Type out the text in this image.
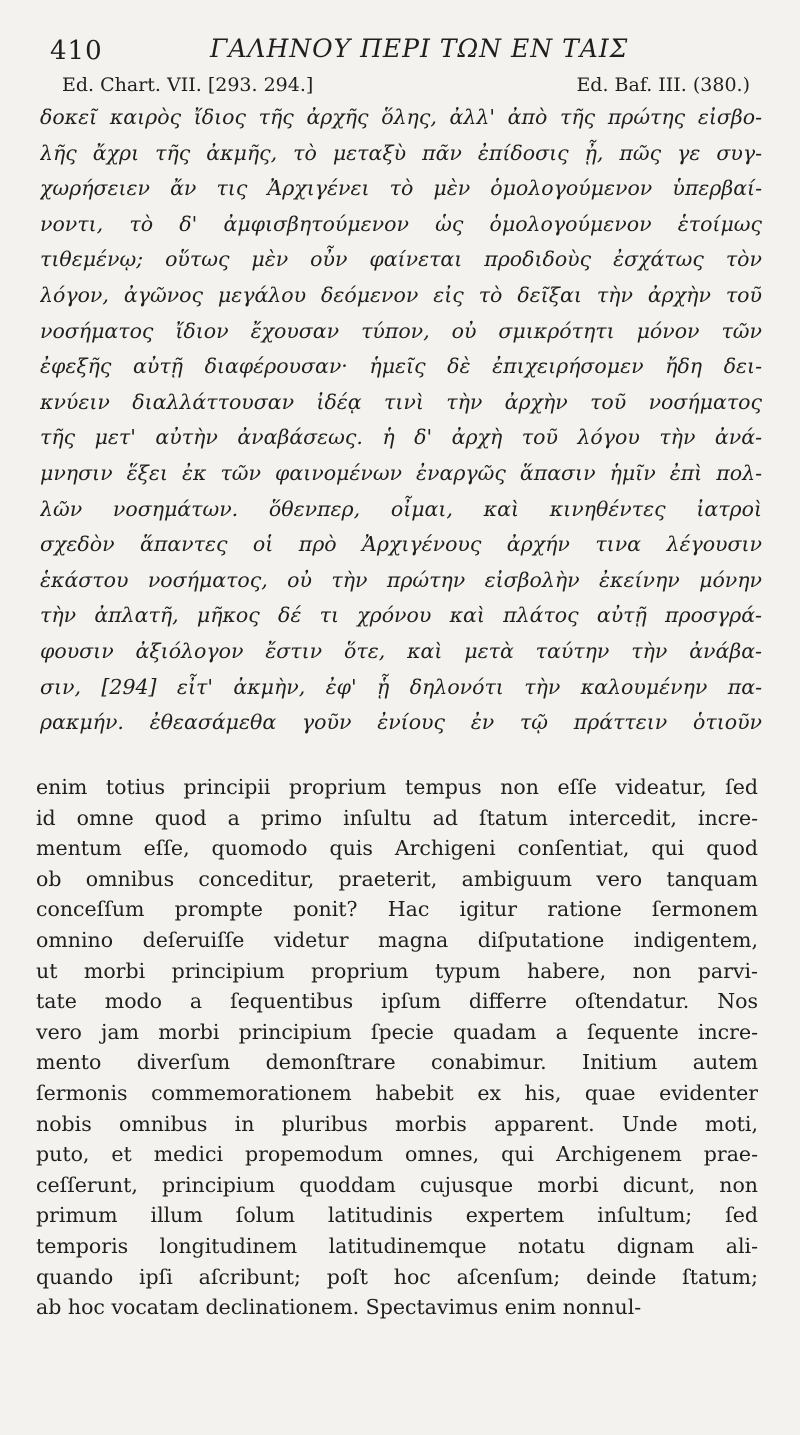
410	ΓΑΛΗΝΟΥ ΠΕΡΙ ΤΩΝ ΕΝ ΤΑΙΣ
Ed. Chart. VII. [293. 294.]	Ed. Baf. III. (380.)
δοκεῖ καιρὸς ἴδιος τῆς ἀρχῆς ὅλης, ἀλλ' ἀπὸ τῆς πρώτης εἰσβο-
λῆς ἄχρι τῆς ἀκμῆς, τὸ μεταξὺ πᾶν ἐπίδοσις ᾖ, πῶς γε συγ-
χωρήσειεν ἄν τις Ἀρχιγένει τὸ μὲν ὁμολογούμενον ὑπερβαί-
νοντι, τὸ δ' ἀμφισβητούμενον ὡς ὁμολογούμενον ἑτοίμως
τιθεμένῳ; οὕτως μὲν οὖν φαίνεται προδιδοὺς ἐσχάτως τὸν
λόγον, ἀγῶνος μεγάλου δεόμενον εἰς τὸ δεῖξαι τὴν ἀρχὴν τοῦ
νοσήματος ἴδιον ἔχουσαν τύπον, οὐ σμικρότητι μόνον τῶν
ἐφεξῆς αὐτῇ διαφέρουσαν· ἡμεῖς δὲ ἐπιχειρήσομεν ἤδη δει-
κνύειν διαλλάττουσαν ἰδέᾳ τινὶ τὴν ἀρχὴν τοῦ νοσήματος
τῆς μετ' αὐτὴν ἀναβάσεως. ἡ δ' ἀρχὴ τοῦ λόγου τὴν ἀνά-
μνησιν ἕξει ἐκ τῶν φαινομένων ἐναργῶς ἅπασιν ἡμῖν ἐπὶ πολ-
λῶν νοσημάτων. ὅθενπερ, οἶμαι, καὶ κινηθέντες ἰατροὶ
σχεδὸν ἅπαντες οἱ πρὸ Ἀρχιγένους ἀρχήν τινα λέγουσιν
ἑκάστου νοσήματος, οὐ τὴν πρώτην εἰσβολὴν ἐκείνην μόνην
τὴν ἀπλατῆ, μῆκος δέ τι χρόνου καὶ πλάτος αὐτῇ προσγρά-
φουσιν ἀξιόλογον ἔστιν ὅτε, καὶ μετὰ ταύτην τὴν ἀνάβα-
σιν, [294] εἶτ' ἀκμὴν, ἐφ' ᾗ δηλονότι τὴν καλουμένην πα-
ρακμήν. ἐθεασάμεθα γοῦν ἐνίους ἐν τῷ πράττειν ὁτιοῦν
enim totius principii proprium tempus non eſſe videatur, ſed
id omne quod a primo inſultu ad ſtatum intercedit, incre-
mentum eſſe, quomodo quis Archigeni conſentiat, qui quod
ob omnibus conceditur, praeterit, ambiguum vero tanquam
conceſſum prompte ponit? Hac igitur ratione ſermonem
omnino deſeruiſſe videtur magna diſputatione indigentem,
ut morbi principium proprium typum habere, non parvi-
tate modo a ſequentibus ipſum differre oſtendatur. Nos
vero jam morbi principium ſpecie quadam a ſequente incre-
mento diverſum demonſtrare conabimur. Initium autem
ſermonis commemorationem habebit ex his, quae evidenter
nobis omnibus in pluribus morbis apparent. Unde moti,
puto, et medici propemodum omnes, qui Archigenem prae-
ceſſerunt, principium quoddam cujusque morbi dicunt, non
primum illum ſolum latitudinis expertem inſultum; ſed
temporis longitudinem latitudinemque notatu dignam ali-
quando ipſi aſcribunt; poſt hoc aſcenſum; deinde ſtatum;
ab hoc vocatam declinationem. Spectavimus enim nonnul-
